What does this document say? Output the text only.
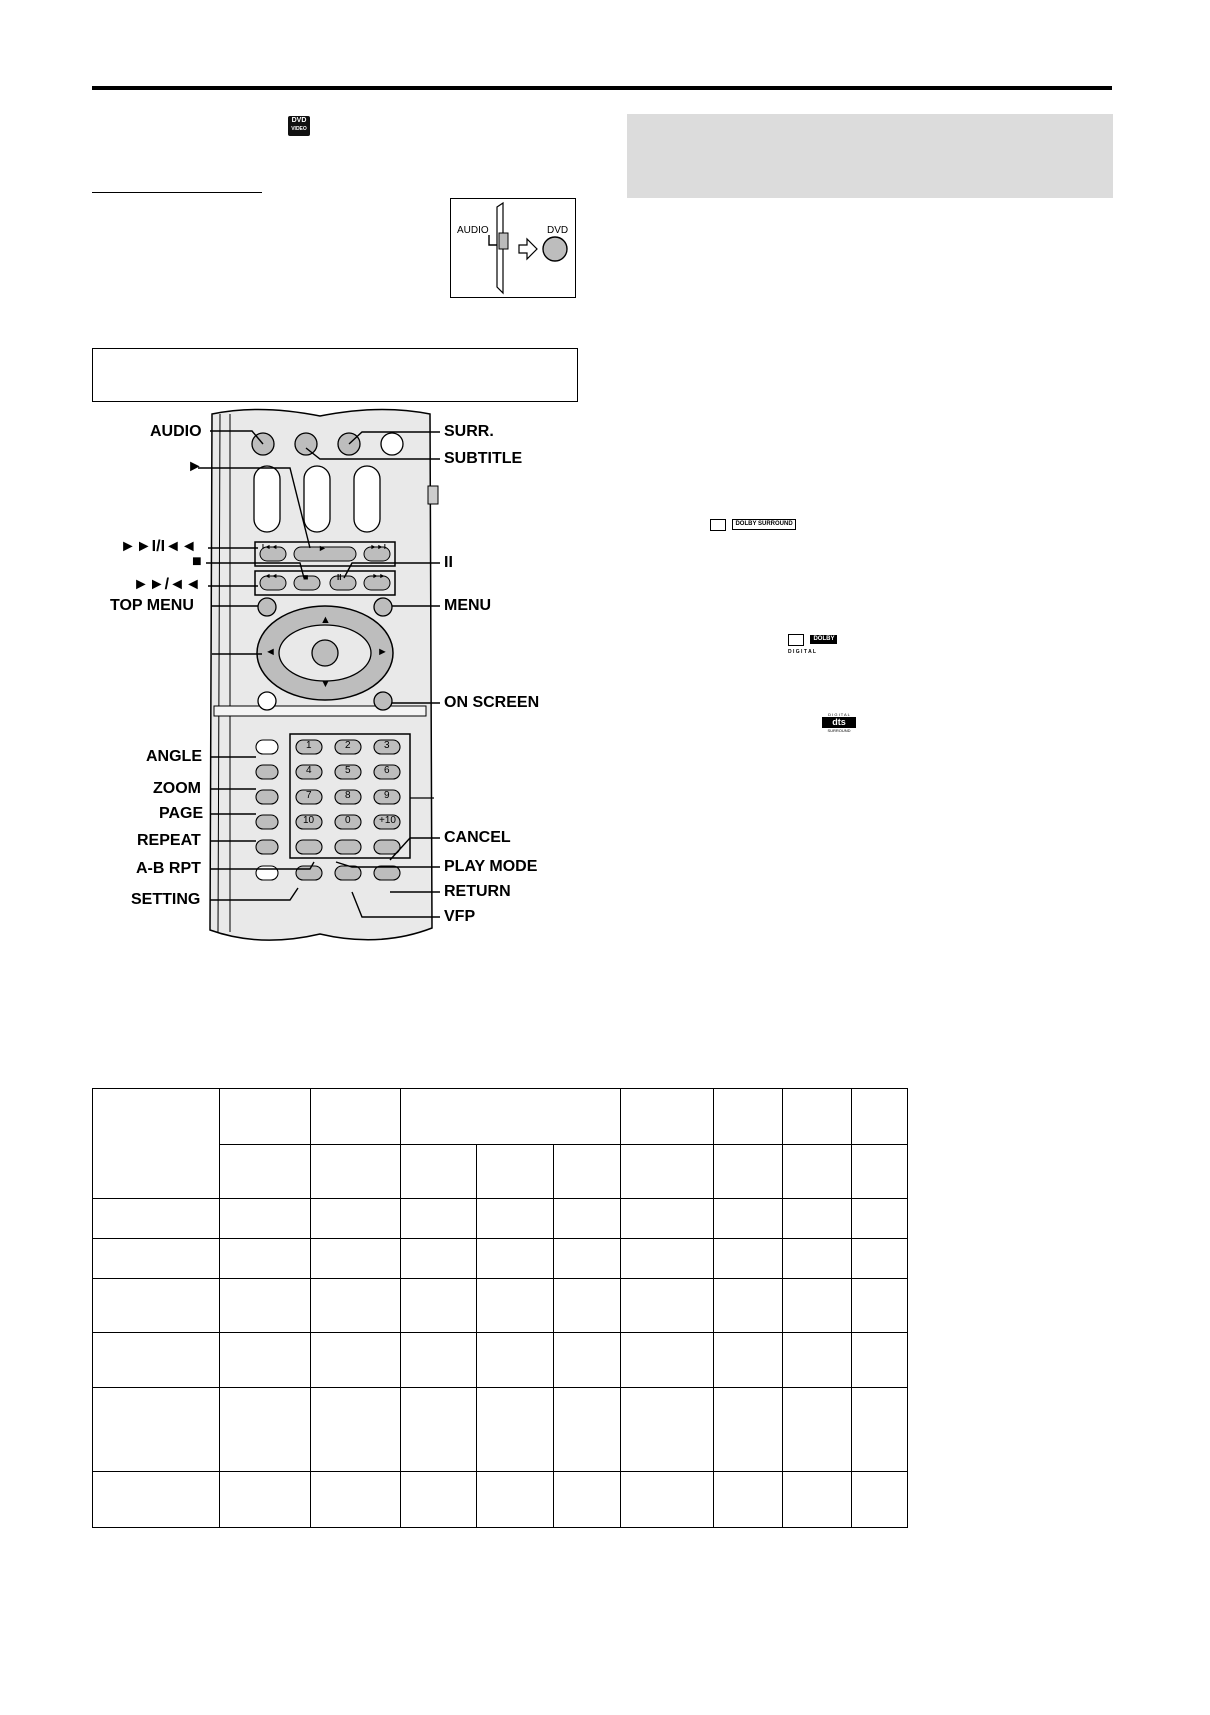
DVD
VIDEO
AUDIO	DVD
I◄◄	►	►►I
◄◄	■	II	►►
▲
◄	►
▼
1	2	3
4	5	6
7	8	9
10	0	+10
AUDIO
►
►►I/I◄◄
■
►►/◄◄
TOP MENU
ANGLE
ZOOM
PAGE
REPEAT
A-B RPT
SETTING
SURR.
SUBTITLE
II
MENU
ON SCREEN
CANCEL
PLAY MODE
RETURN
VFP
DOLBY SURROUND
DOLBY
D I G I T A L
D I G I T A L
dts
SURROUND
